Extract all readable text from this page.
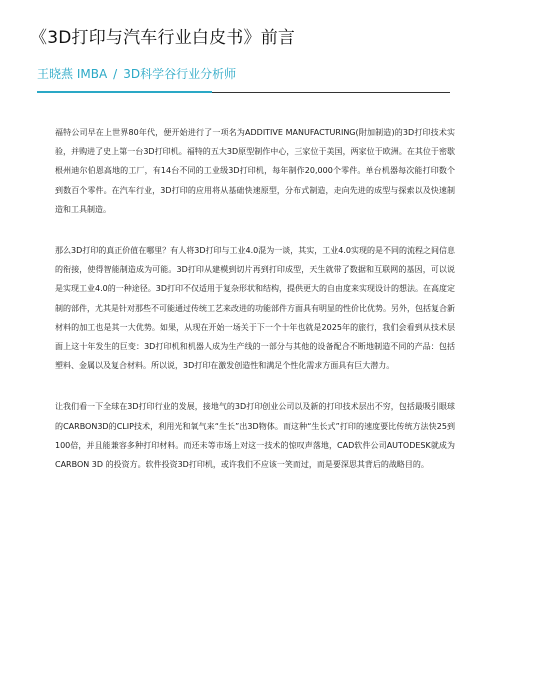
《3D打印与汽车行业白皮书》前言
王晓燕 IMBA / 3D科学谷行业分析师

福特公司早在上世界80年代，便开始进行了一项名为ADDITIVE MANUFACTURING(附加制造)的3D打印技术实验，并购进了史上第一台3D打印机。福特的五大3D原型制作中心，三家位于美国，两家位于欧洲。在其位于密歇根州迪尔伯恩高地的工厂，有14台不同的工业级3D打印机，每年制作20,000个零件。单台机器每次能打印数个到数百个零件。在汽车行业，3D打印的应用将从基础快速原型，分布式制造，走向先进的成型与探索以及快速制造和工具制造。

那么3D打印的真正价值在哪里？有人将3D打印与工业4.0混为一谈，其实，工业4.0实现的是不同的流程之间信息的衔接，使得智能制造成为可能。3D打印从建模到切片再到打印成型，天生就带了数据和互联网的基因，可以说是实现工业4.0的一种途径。3D打印不仅适用于复杂形状和结构，提供更大的自由度来实现设计的想法。在高度定制的部件，尤其是针对那些不可能通过传统工艺来改进的功能部件方面具有明显的性价比优势。另外，包括复合新材料的加工也是其一大优势。如果，从现在开始一场关于下一个十年也就是2025年的旅行，我们会看到从技术层面上这十年发生的巨变：3D打印机和机器人成为生产线的一部分与其他的设备配合不断地制造不同的产品：包括塑料、金属以及复合材料。所以说，3D打印在激发创造性和满足个性化需求方面具有巨大潜力。

让我们看一下全球在3D打印行业的发展，接地气的3D打印创业公司以及新的打印技术层出不穷，包括最吸引眼球的CARBON3D的CLIP技术，利用光和氧气来“生长”出3D物体。而这种“生长式”打印的速度要比传统方法快25到100倍，并且能兼容多种打印材料。而还未等市场上对这一技术的惊叹声落地，CAD软件公司AUTODESK就成为 CARBON 3D 的投资方。软件投资3D打印机，或许我们不应该一笑而过，而是要深思其背后的战略目的。
